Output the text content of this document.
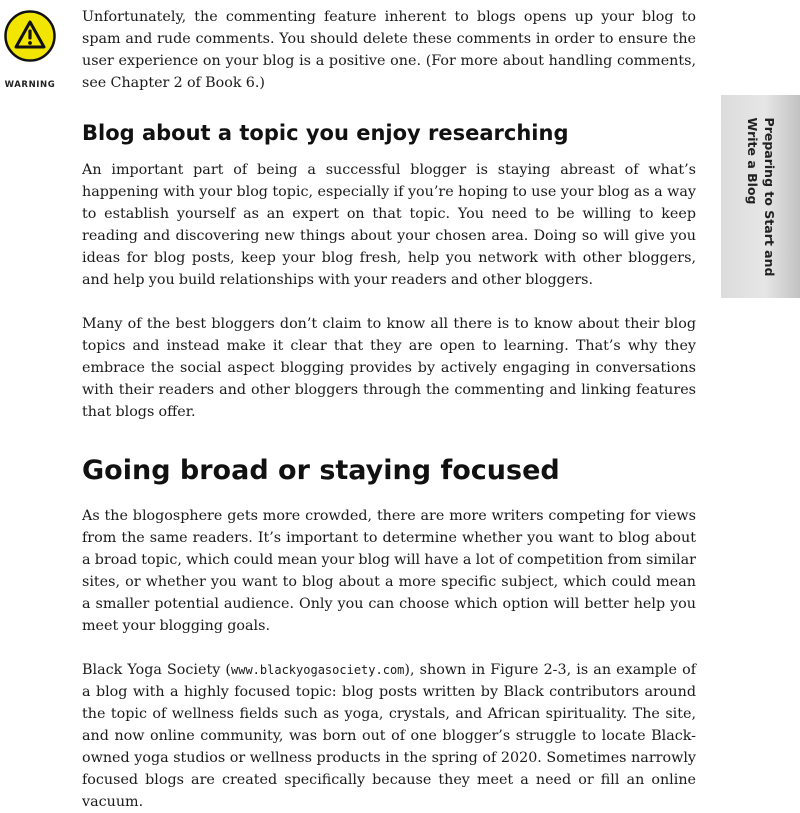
WARNING

Unfortunately, the commenting feature inherent to blogs opens up your blog to spam and rude comments. You should delete these comments in order to ensure the user experience on your blog is a positive one. (For more about handling comments, see Chapter 2 of Book 6.)

Preparing to Start and
Write a Blog
Blog about a topic you enjoy researching

An important part of being a successful blogger is staying abreast of what’s happening with your blog topic, especially if you’re hoping to use your blog as a way to establish yourself as an expert on that topic. You need to be willing to keep reading and discovering new things about your chosen area. Doing so will give you ideas for blog posts, keep your blog fresh, help you network with other bloggers, and help you build relationships with your readers and other bloggers.

Many of the best bloggers don’t claim to know all there is to know about their blog topics and instead make it clear that they are open to learning. That’s why they embrace the social aspect blogging provides by actively engaging in conversations with their readers and other bloggers through the commenting and linking features that blogs offer.

Going broad or staying focused

As the blogosphere gets more crowded, there are more writers competing for views from the same readers. It’s important to determine whether you want to blog about a broad topic, which could mean your blog will have a lot of competition from similar sites, or whether you want to blog about a more specific subject, which could mean a smaller potential audience. Only you can choose which option will better help you meet your blogging goals.

Black Yoga Society (www.blackyogasociety.com), shown in Figure 2-3, is an example of a blog with a highly focused topic: blog posts written by Black contributors around the topic of wellness fields such as yoga, crystals, and African spirituality. The site, and now online community, was born out of one blogger’s struggle to locate Black-owned yoga studios or wellness products in the spring of 2020. Sometimes narrowly focused blogs are created specifically because they meet a need or fill an online vacuum.
